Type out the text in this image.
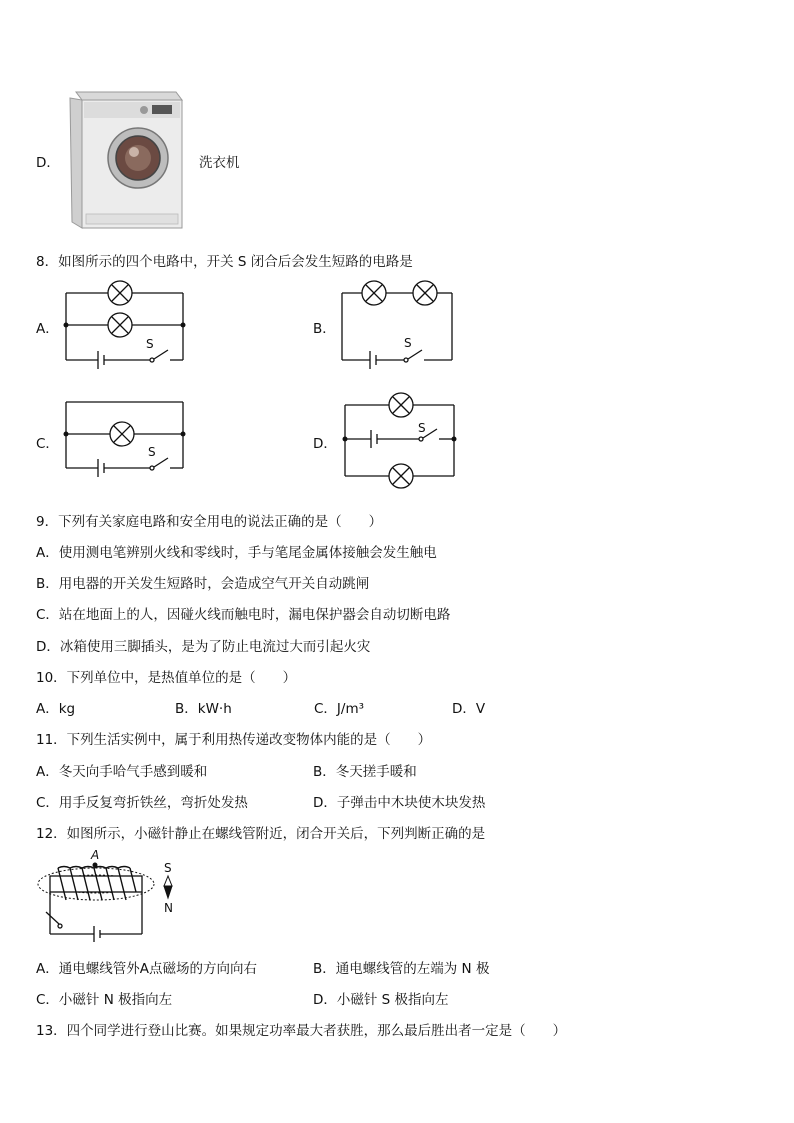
D．	洗衣机
8．如图所示的四个电路中，开关 S 闭合后会发生短路的电路是
A．
S
B．
S
C．	S	D．
S
9．下列有关家庭电路和安全用电的说法正确的是（　　）
A．使用测电笔辨别火线和零线时，手与笔尾金属体接触会发生触电
B．用电器的开关发生短路时，会造成空气开关自动跳闸
C．站在地面上的人，因碰火线而触电时，漏电保护器会自动切断电路
D．冰箱使用三脚插头，是为了防止电流过大而引起火灾
10．下列单位中，是热值单位的是（　　）
A．kg	B．kW·h	C．J/m³	D．V
11．下列生活实例中，属于利用热传递改变物体内能的是（　　）
A．冬天向手哈气手感到暖和	B．冬天搓手暖和
C．用手反复弯折铁丝，弯折处发热	D．子弹击中木块使木块发热
12．如图所示，小磁针静止在螺线管附近，闭合开关后，下列判断正确的是
A
S
N
A．通电螺线管外A点磁场的方向向右	B．通电螺线管的左端为 N 极
C．小磁针 N 极指向左	D．小磁针 S 极指向左
13．四个同学进行登山比赛。如果规定功率最大者获胜，那么最后胜出者一定是（　　）
